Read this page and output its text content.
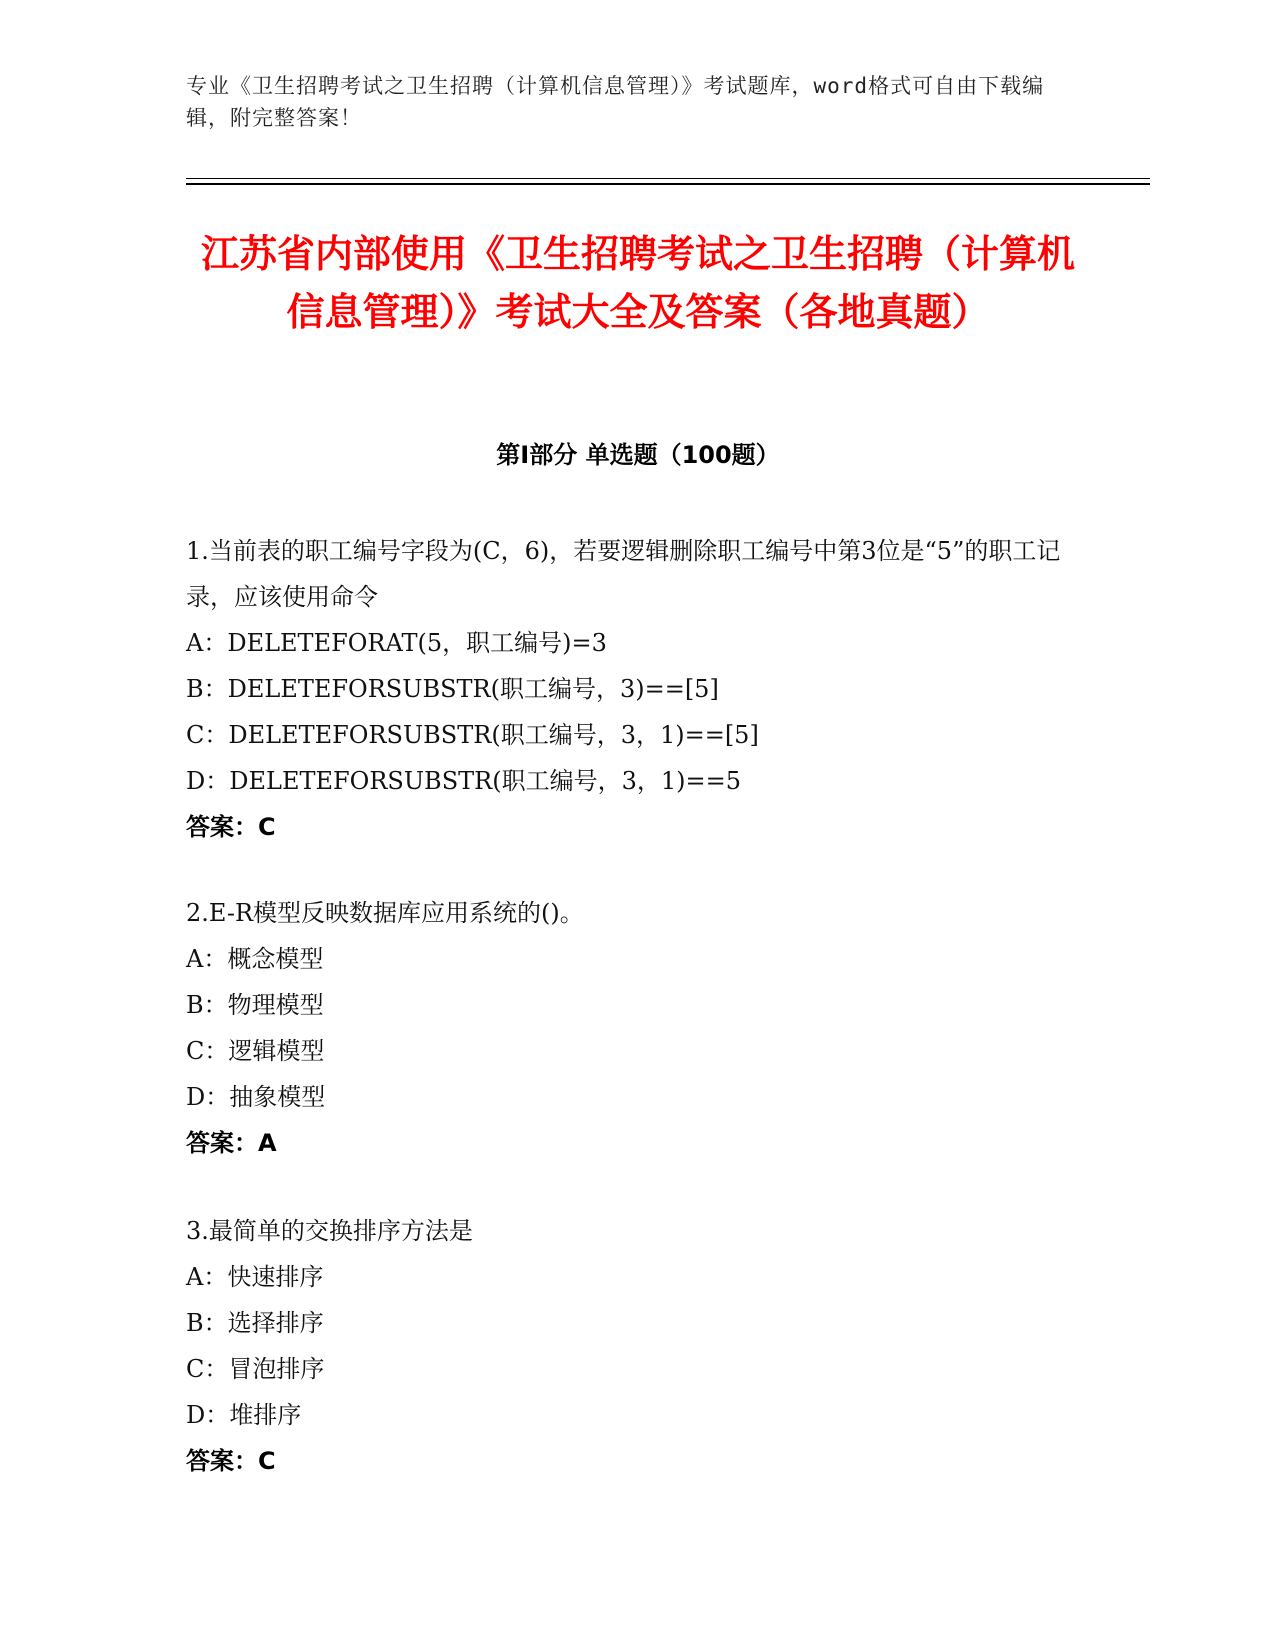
专业《卫生招聘考试之卫生招聘（计算机信息管理）》考试题库，word格式可自由下载编辑，附完整答案！
江苏省内部使用《卫生招聘考试之卫生招聘（计算机信息管理）》考试大全及答案（各地真题）
第Ⅰ部分 单选题（100题）
1.当前表的职工编号字段为(C，6)，若要逻辑删除职工编号中第3位是“5”的职工记录，应该使用命令
A：DELETEFORAT(5，职工编号)=3
B：DELETEFORSUBSTR(职工编号，3)==[5]
C：DELETEFORSUBSTR(职工编号，3，1)==[5]
D：DELETEFORSUBSTR(职工编号，3，1)==5
答案：C
2.E-R模型反映数据库应用系统的()。
A：概念模型
B：物理模型
C：逻辑模型
D：抽象模型
答案：A
3.最简单的交换排序方法是
A：快速排序
B：选择排序
C：冒泡排序
D：堆排序
答案：C
